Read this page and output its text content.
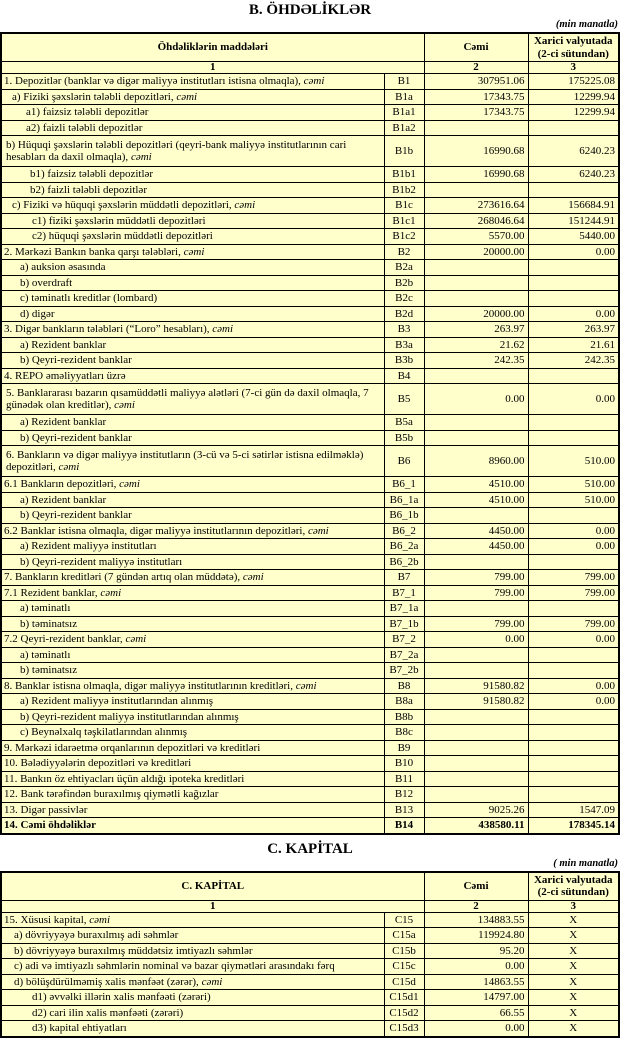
B. ÖHDƏLİKLƏR
(min manatla)
Öhdəliklərin maddələri		Cəmi	Xarici valyutada (2-ci sütundan)
1		2	3
1. Depozitlər (banklar və digər maliyyə institutları istisna olmaqla), cəmi	B1	307951.06	175225.08
a) Fiziki şəxslərin tələbli depozitləri, cəmi	B1a	17343.75	12299.94
a1) faizsiz tələbli depozitlər	B1a1	17343.75	12299.94
a2) faizli tələbli depozitlər	B1a2		
b) Hüquqi şəxslərin tələbli depozitləri (qeyri-bank maliyyə institutlarının cari hesabları da daxil olmaqla), cəmi	B1b	16990.68	6240.23
b1) faizsiz tələbli depozitlər	B1b1	16990.68	6240.23
b2) faizli tələbli depozitlər	B1b2		
c) Fiziki və hüquqi şəxslərin müddətli depozitləri, cəmi	B1c	273616.64	156684.91
c1) fiziki şəxslərin müddətli depozitləri	B1c1	268046.64	151244.91
c2) hüquqi şəxslərin müddətli depozitləri	B1c2	5570.00	5440.00
2. Mərkəzi Bankın banka qarşı tələbləri, cəmi	B2	20000.00	0.00
a) auksion əsasında	B2a		
b) overdraft	B2b		
c) təminatlı kreditlər (lombard)	B2c		
d) digər	B2d	20000.00	0.00
3. Digər bankların tələbləri (“Loro” hesabları), cəmi	B3	263.97	263.97
a) Rezident banklar	B3a	21.62	21.61
b) Qeyri-rezident banklar	B3b	242.35	242.35
4. REPO əməliyyatları üzrə	B4		
5. Banklararası bazarın qısamüddətli maliyyə alətləri (7-ci gün də daxil olmaqla, 7 günədək olan kreditlər), cəmi	B5	0.00	0.00
a) Rezident banklar	B5a		
b) Qeyri-rezident banklar	B5b		
6. Bankların və digər maliyyə institutların (3-cü və 5-ci sətirlər istisna edilməklə) depozitləri, cəmi	B6	8960.00	510.00
6.1 Bankların depozitləri, cəmi	B6_1	4510.00	510.00
a) Rezident banklar	B6_1a	4510.00	510.00
b) Qeyri-rezident banklar	B6_1b		
6.2 Banklar istisna olmaqla, digər maliyyə institutlarının depozitləri, cəmi	B6_2	4450.00	0.00
a) Rezident maliyyə institutları	B6_2a	4450.00	0.00
b) Qeyri-rezident maliyyə institutları	B6_2b		
7. Bankların kreditləri (7 gündən artıq olan müddətə), cəmi	B7	799.00	799.00
7.1 Rezident banklar, cəmi	B7_1	799.00	799.00
a) təminatlı	B7_1a		
b) təminatsız	B7_1b	799.00	799.00
7.2 Qeyri-rezident banklar, cəmi	B7_2	0.00	0.00
a) təminatlı	B7_2a		
b) təminatsız	B7_2b		
8. Banklar istisna olmaqla, digər maliyyə institutlarının kreditləri, cəmi	B8	91580.82	0.00
a) Rezident maliyyə institutlarından alınmış	B8a	91580.82	0.00
b) Qeyri-rezident maliyyə institutlarından alınmış	B8b		
c) Beynəlxalq təşkilatlarından alınmış	B8c		
9. Mərkəzi idarəetmə orqanlarının depozitləri və kreditləri	B9		
10. Bələdiyyələrin depozitləri və kreditləri	B10		
11. Bankın öz ehtiyacları üçün aldığı ipoteka kreditləri	B11		
12. Bank tərəfindən buraxılmış qiymətli kağızlar	B12		
13. Digər passivlər	B13	9025.26	1547.09
14. Cəmi öhdəliklər	B14	438580.11	178345.14
C. KAPİTAL
( min manatla)
C. KAPİTAL		Cəmi	Xarici valyutada (2-ci sütundan)
1		2	3
15. Xüsusi kapital, cəmi	C15	134883.55	X
a) dövriyyəyə buraxılmış adi səhmlər	C15a	119924.80	X
b) dövriyyəyə buraxılmış müddətsiz imtiyazlı səhmlər	C15b	95.20	X
c) adi və imtiyazlı səhmlərin nominal və bazar qiymətləri arasındakı fərq	C15c	0.00	X
d) bölüşdürülməmiş xalis mənfəət (zərər), cəmi	C15d	14863.55	X
d1) əvvəlki illərin xalis mənfəəti (zərəri)	C15d1	14797.00	X
d2) cari ilin xalis mənfəəti (zərəri)	C15d2	66.55	X
d3) kapital ehtiyatları	C15d3	0.00	X
